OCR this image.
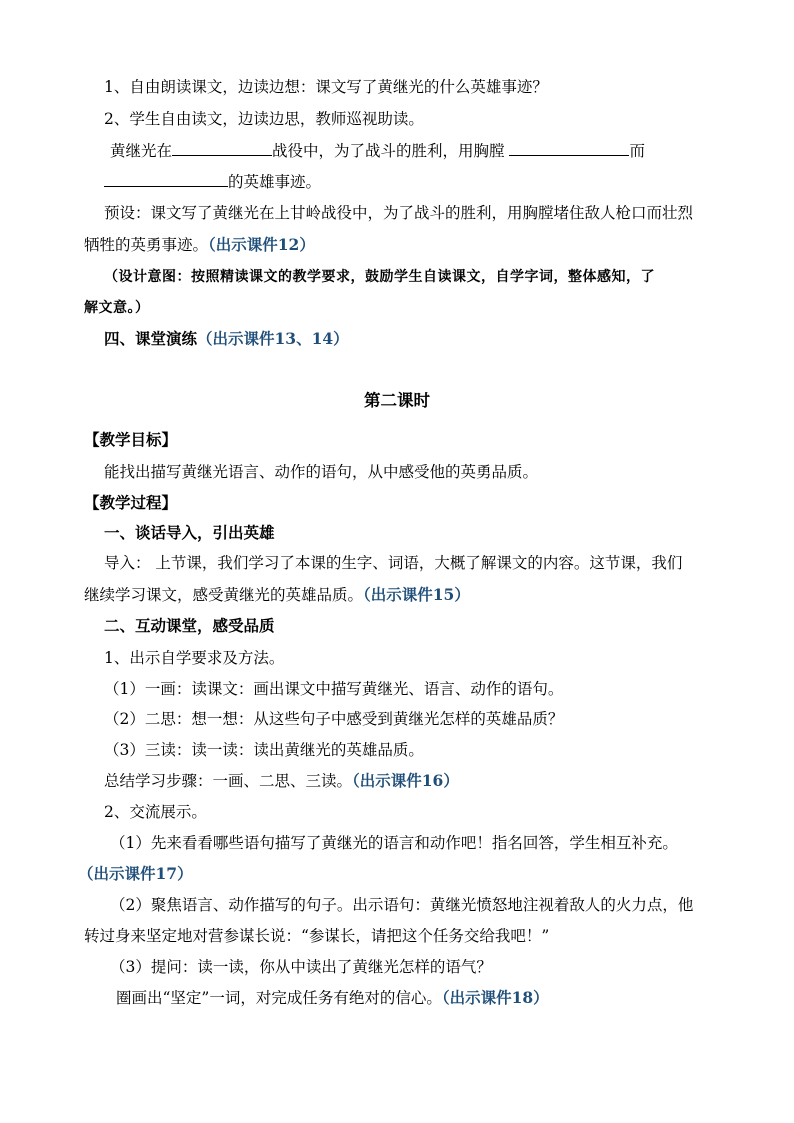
1、自由朗读课文，边读边想：课文写了黄继光的什么英雄事迹？
2、学生自由读文，边读边思，教师巡视助读。
黄继光在	战役中，为了战斗的胜利，用胸膛	而
的英雄事迹。
预设：课文写了黄继光在上甘岭战役中，为了战斗的胜利，用胸膛堵住敌人枪口而壮烈
牺牲的英勇事迹。（出示课件12）
（设计意图：按照精读课文的教学要求，鼓励学生自读课文，自学字词，整体感知，了
解文意。）
四、课堂演练（出示课件13、14）
第二课时
【教学目标】
能找出描写黄继光语言、动作的语句，从中感受他的英勇品质。
【教学过程】
一、谈话导入，引出英雄
导入： 上节课，我们学习了本课的生字、词语，大概了解课文的内容。这节课，我们
继续学习课文，感受黄继光的英雄品质。（出示课件15）
二、互动课堂，感受品质
1、出示自学要求及方法。
（1）一画：读课文：画出课文中描写黄继光、语言、动作的语句。
（2）二思：想一想：从这些句子中感受到黄继光怎样的英雄品质？
（3）三读：读一读：读出黄继光的英雄品质。
总结学习步骤：一画、二思、三读。（出示课件16）
2、交流展示。
（1）先来看看哪些语句描写了黄继光的语言和动作吧！指名回答，学生相互补充。
（出示课件17）
（2）聚焦语言、动作描写的句子。出示语句：黄继光愤怒地注视着敌人的火力点，他
转过身来坚定地对营参谋长说：“参谋长，请把这个任务交给我吧！”
（3）提问：读一读，你从中读出了黄继光怎样的语气？
圈画出“坚定”一词，对完成任务有绝对的信心。（出示课件18）
